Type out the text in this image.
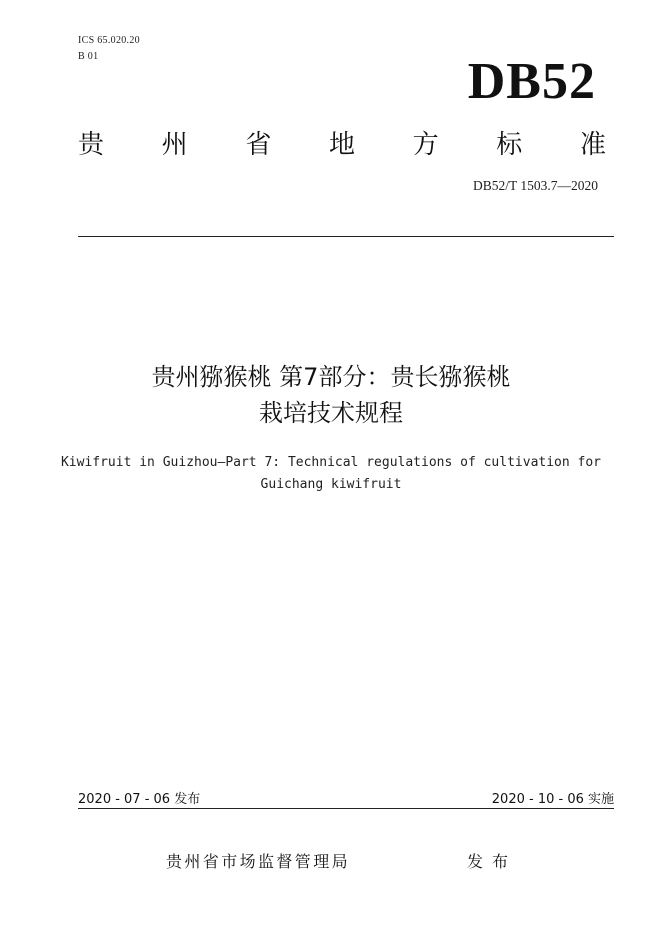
ICS 65.020.20
B 01	DB52
贵 州 省 地 方 标 准
DB52/T 1503.7—2020
贵州猕猴桃 第7部分：贵长猕猴桃
栽培技术规程
Kiwifruit in Guizhou—Part 7: Technical regulations of cultivation for
Guichang kiwifruit
2020 - 07 - 06 发布	2020 - 10 - 06 实施
贵州省市场监督管理局	发布
